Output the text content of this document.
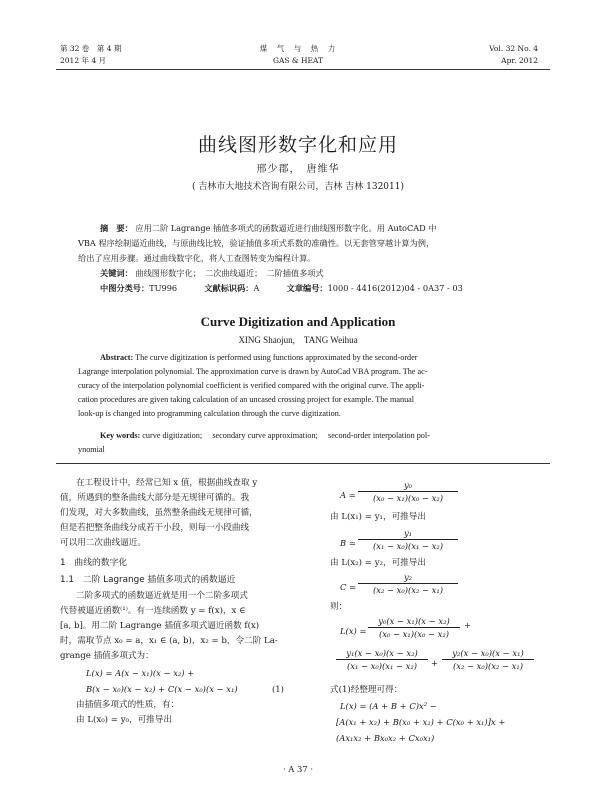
第 32 卷　第 4 期
2012 年 4 月
煤　气　与　热　力
GAS & HEAT
Vol. 32 No. 4
Apr. 2012
曲线图形数字化和应用
邢少郡，　唐维华
( 吉林市大地技术咨询有限公司，吉林 吉林 132011)
摘　要： 应用二阶 Lagrange 插值多项式的函数逼近进行曲线图形数字化。用 AutoCAD 中
VBA 程序绘制逼近曲线，与原曲线比较，验证插值多项式系数的准确性。以无套管穿越计算为例，
给出了应用步骤。通过曲线数字化，将人工查图转变为编程计算。
关键词： 曲线图形数字化；　二次曲线逼近；　二阶插值多项式
中图分类号：TU996	文献标识码：A	文章编号：1000 - 4416(2012)04 - 0A37 - 03
Curve Digitization and Application
XING Shaojun,　TANG Weihua
Abstract: The curve digitization is performed using functions approximated by the second-order
Lagrange interpolation polynomial. The approximation curve is drawn by AutoCad VBA program. The ac-
curacy of the interpolation polynomial coefficient is verified compared with the original curve. The appli-
cation procedures are given taking calculation of an uncased crossing project for example. The manual
look-up is changed into programming calculation through the curve digitization.
Key words: curve digitization;　 secondary curve approximation;　 second-order interpolation pol-
ynomial
在工程设计中，经常已知 x 值，根据曲线查取 y
值，所遇到的整条曲线大部分是无规律可循的。我
们发现，对大多数曲线，虽然整条曲线无规律可循，
但是若把整条曲线分成若干小段，则每一小段曲线
可以用二次曲线逼近。
1　曲线的数字化
1.1　二阶 Lagrange 插值多项式的函数逼近
二阶多项式的函数逼近就是用一个二阶多项式
代替被逼近函数⁽¹⁾。有一连续函数 y = f(x)，x ∈
[a, b]。用二阶 Lagrange 插值多项式逼近函数 f(x)
时，需取节点 x₀ = a，x₁ ∈ (a, b)，x₂ = b，令二阶 La-
grange 插值多项式为：
L(x) = A(x − x₁)(x − x₂) +
B(x − x₀)(x − x₂) + C(x − x₀)(x − x₁)	(1)
由插值多项式的性质，有：
由 L(x₀) = y₀，可推导出
$A = \frac{\text{y₀}}{\text{(x₀ − x₁)(x₀ − x₂)}}$
由 L(x₁) = y₁，可推导出
$B = \frac{\text{y₁}}{\text{(x₁ − x₀)(x₁ − x₂)}}$
由 L(x₂) = y₂，可推导出
$C = \frac{\text{y₂}}{\text{(x₂ − x₀)(x₂ − x₁)}}$
则：
$L(x) = \frac{\text{y₀(x − x₁)(x − x₂)}}{\text{(x₀ − x₁)(x₀ − x₂)}}$ +
$\frac{\text{y₁(x − x₀)(x − x₂)}}{\text{(x₁ − x₀)(x₁ − x₂)}} + \frac{\text{y₂(x − x₀)(x − x₁)}}{\text{(x₂ − x₀)(x₂ − x₁)}}$
式(1)经整理可得：
L(x) = (A + B + C)x² −
[A(x₁ + x₂) + B(x₀ + x₂) + C(x₀ + x₁)]x +
(Ax₁x₂ + Bx₀x₂ + Cx₀x₁)
· A 37 ·
